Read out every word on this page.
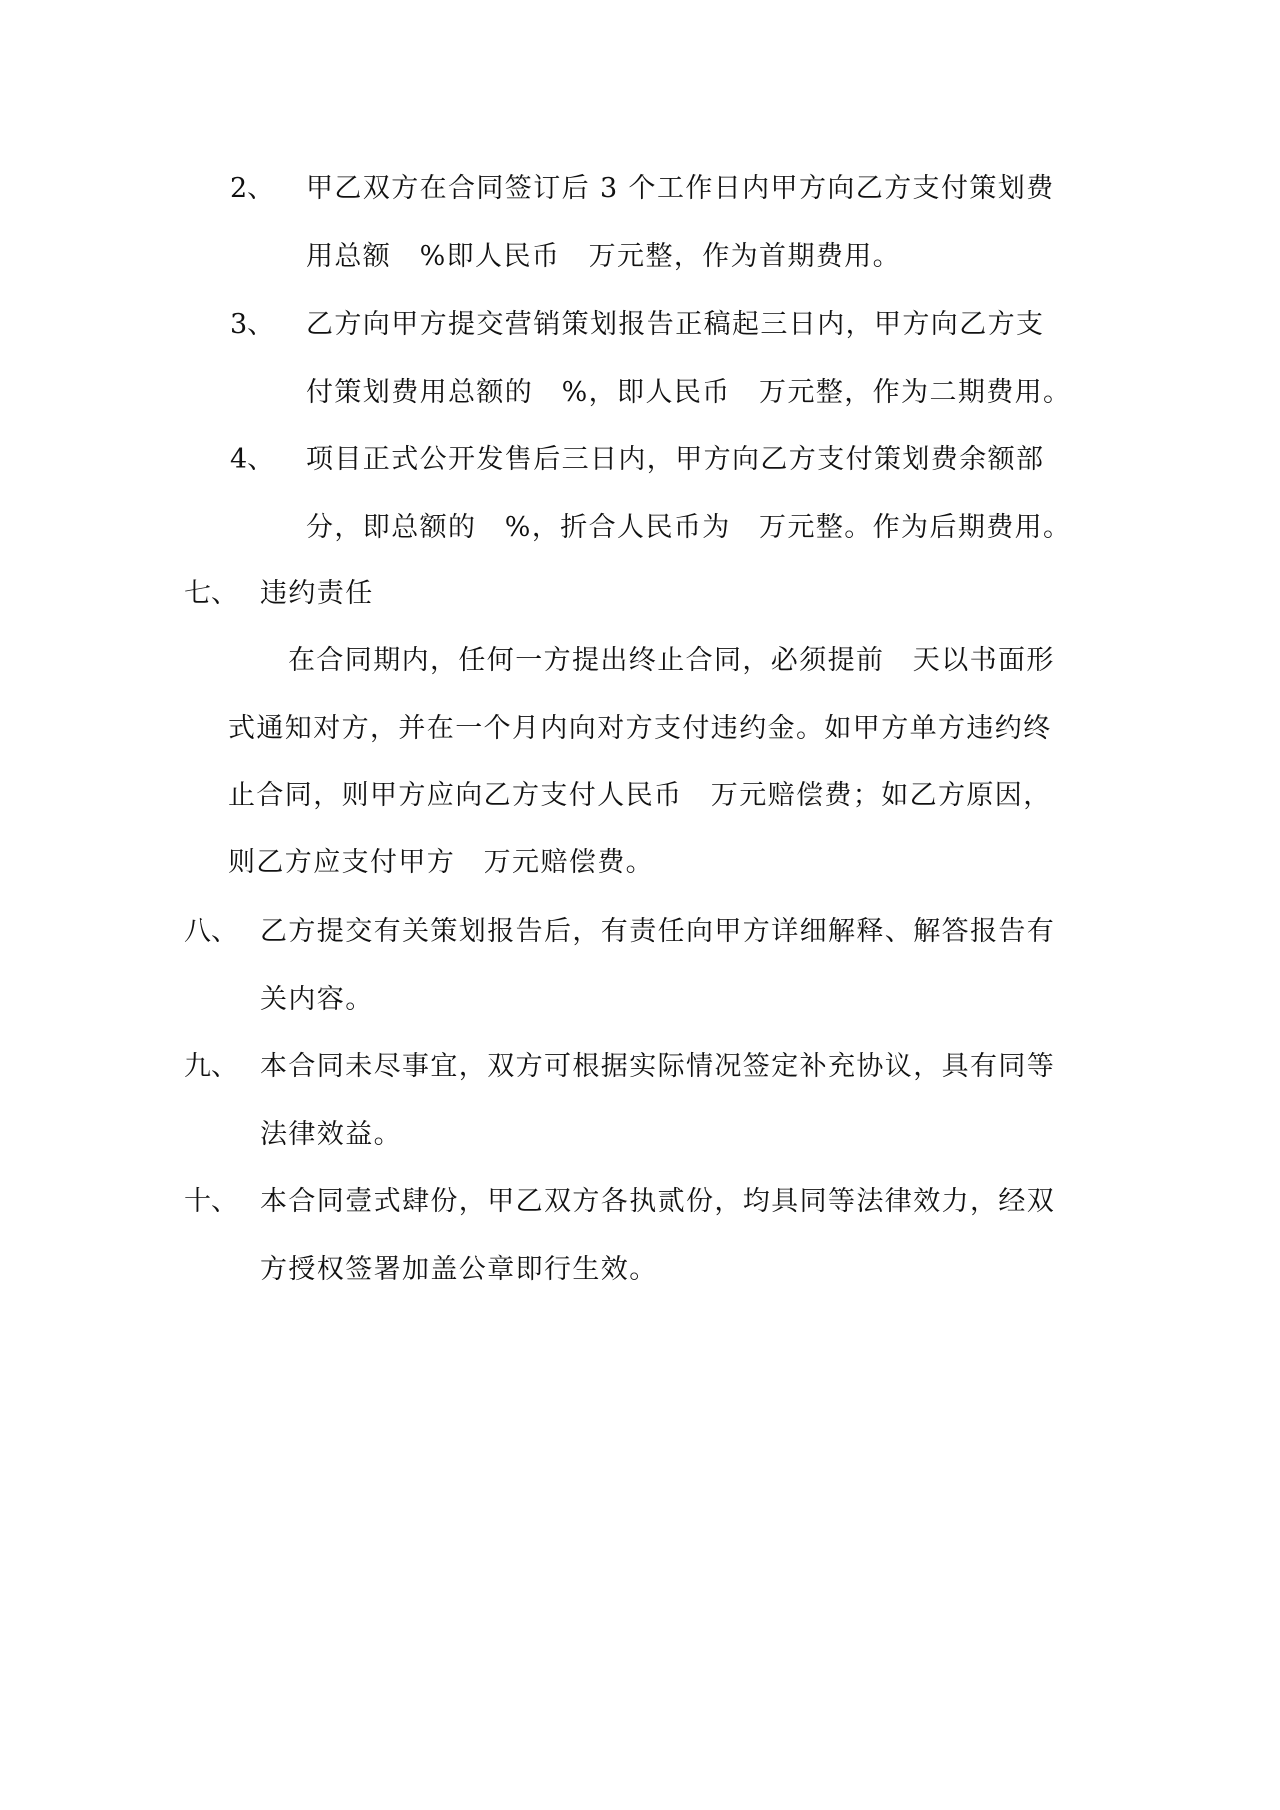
2、 甲乙双方在合同签订后 3 个工作日内甲方向乙方支付策划费
用总额　%即人民币　万元整，作为首期费用。
3、 乙方向甲方提交营销策划报告正稿起三日内，甲方向乙方支
付策划费用总额的　%，即人民币　万元整，作为二期费用。
4、 项目正式公开发售后三日内，甲方向乙方支付策划费余额部
分，即总额的　%，折合人民币为　万元整。作为后期费用。
七、 违约责任
在合同期内，任何一方提出终止合同，必须提前　天以书面形
式通知对方，并在一个月内向对方支付违约金。如甲方单方违约终
止合同，则甲方应向乙方支付人民币　万元赔偿费；如乙方原因，
则乙方应支付甲方　万元赔偿费。
八、 乙方提交有关策划报告后，有责任向甲方详细解释、解答报告有
关内容。
九、 本合同未尽事宜，双方可根据实际情况签定补充协议，具有同等
法律效益。
十、 本合同壹式肆份，甲乙双方各执贰份，均具同等法律效力，经双
方授权签署加盖公章即行生效。
